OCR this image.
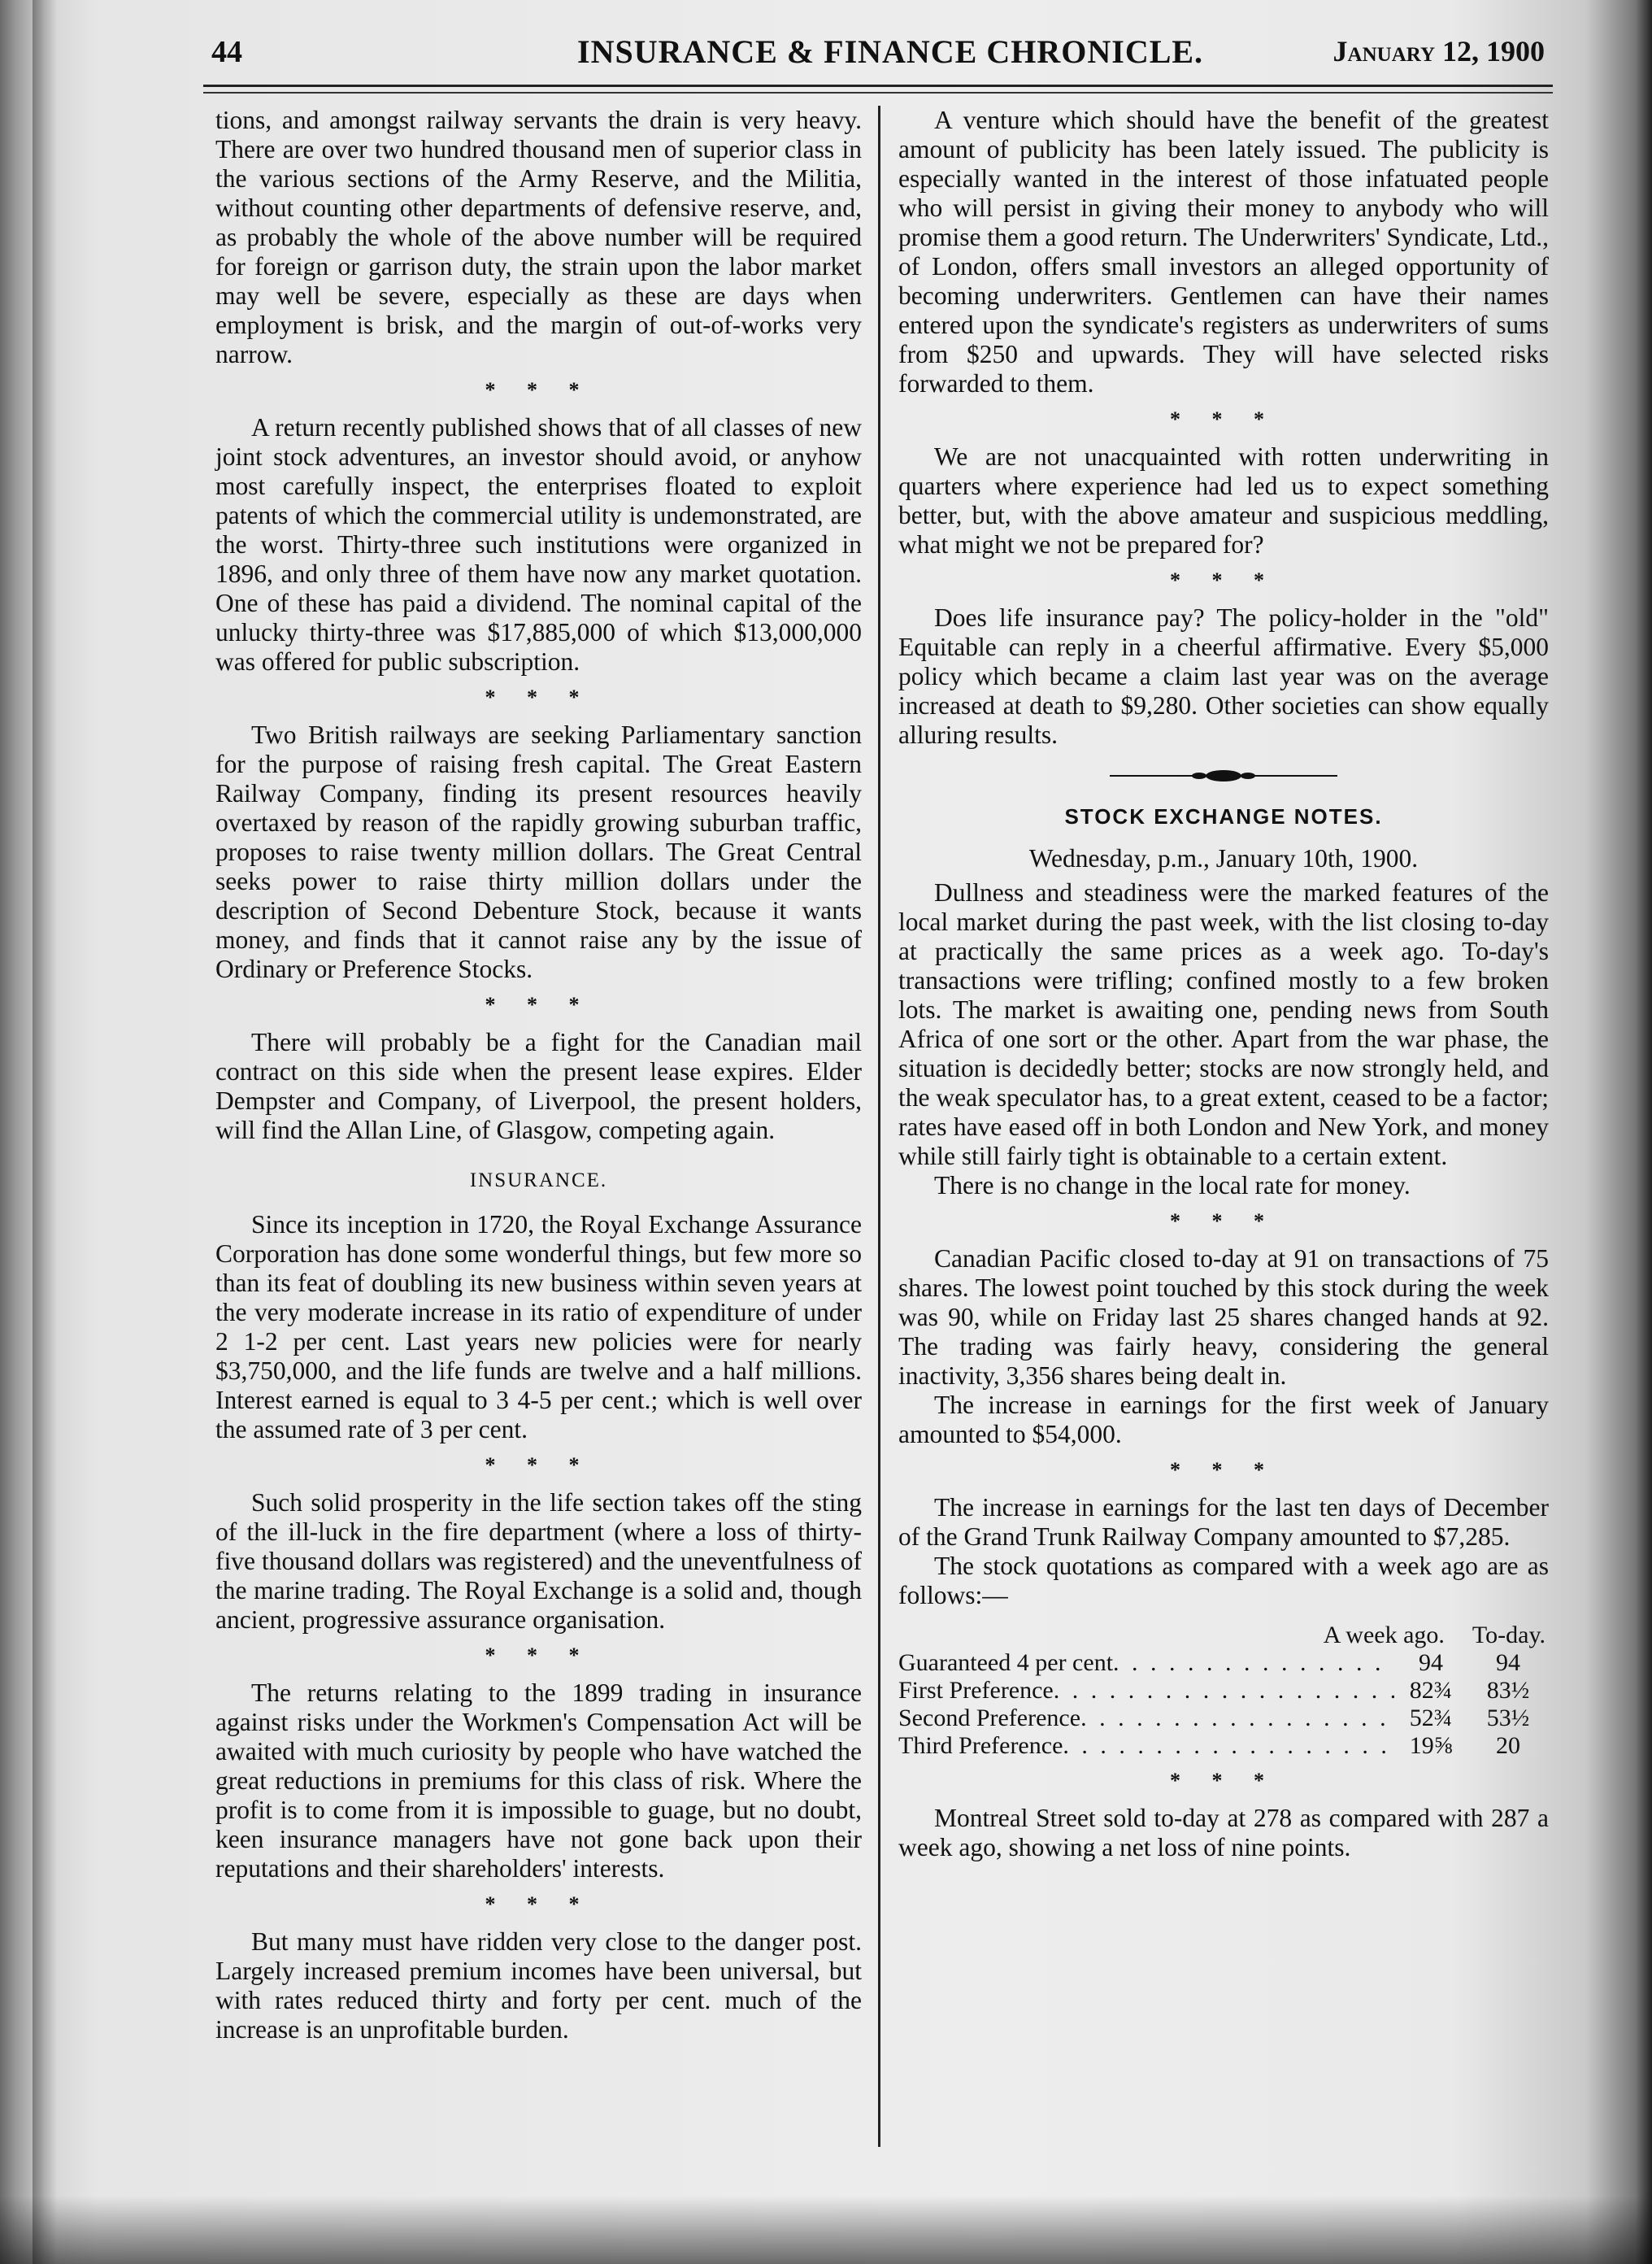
44	INSURANCE & FINANCE CHRONICLE.	January 12, 1900

tions, and amongst railway servants the drain is very heavy. There are over two hundred thousand men of superior class in the various sections of the Army Reserve, and the Militia, without counting other departments of defensive reserve, and, as probably the whole of the above number will be required for foreign or garrison duty, the strain upon the labor market may well be severe, especially as these are days when employment is brisk, and the margin of out-of-works very narrow.

* * *

A return recently published shows that of all classes of new joint stock adventures, an investor should avoid, or anyhow most carefully inspect, the enterprises floated to exploit patents of which the commercial utility is undemonstrated, are the worst. Thirty-three such institutions were organized in 1896, and only three of them have now any market quotation. One of these has paid a dividend. The nominal capital of the unlucky thirty-three was $17,885,000 of which $13,000,000 was offered for public subscription.

* * *

Two British railways are seeking Parliamentary sanction for the purpose of raising fresh capital. The Great Eastern Railway Company, finding its present resources heavily overtaxed by reason of the rapidly growing suburban traffic, proposes to raise twenty million dollars. The Great Central seeks power to raise thirty million dollars under the description of Second Debenture Stock, because it wants money, and finds that it cannot raise any by the issue of Ordinary or Preference Stocks.

* * *

There will probably be a fight for the Canadian mail contract on this side when the present lease expires. Elder Dempster and Company, of Liverpool, the present holders, will find the Allan Line, of Glasgow, competing again.

INSURANCE.

Since its inception in 1720, the Royal Exchange Assurance Corporation has done some wonderful things, but few more so than its feat of doubling its new business within seven years at the very moderate increase in its ratio of expenditure of under 2 1-2 per cent. Last years new policies were for nearly $3,750,000, and the life funds are twelve and a half millions. Interest earned is equal to 3 4-5 per cent.; which is well over the assumed rate of 3 per cent.

* * *

Such solid prosperity in the life section takes off the sting of the ill-luck in the fire department (where a loss of thirty-five thousand dollars was registered) and the uneventfulness of the marine trading. The Royal Exchange is a solid and, though ancient, progressive assurance organisation.

* * *

The returns relating to the 1899 trading in insurance against risks under the Workmen's Compensation Act will be awaited with much curiosity by people who have watched the great reductions in premiums for this class of risk. Where the profit is to come from it is impossible to guage, but no doubt, keen insurance managers have not gone back upon their reputations and their shareholders' interests.

* * *

But many must have ridden very close to the danger post. Largely increased premium incomes have been universal, but with rates reduced thirty and forty per cent. much of the increase is an unprofitable burden.

A venture which should have the benefit of the greatest amount of publicity has been lately issued. The publicity is especially wanted in the interest of those infatuated people who will persist in giving their money to anybody who will promise them a good return. The Underwriters' Syndicate, Ltd., of London, offers small investors an alleged opportunity of becoming underwriters. Gentlemen can have their names entered upon the syndicate's registers as underwriters of sums from $250 and upwards. They will have selected risks forwarded to them.

* * *

We are not unacquainted with rotten underwriting in quarters where experience had led us to expect something better, but, with the above amateur and suspicious meddling, what might we not be prepared for?

* * *

Does life insurance pay? The policy-holder in the "old" Equitable can reply in a cheerful affirmative. Every $5,000 policy which became a claim last year was on the average increased at death to $9,280. Other societies can show equally alluring results.

STOCK EXCHANGE NOTES.
Wednesday, p.m., January 10th, 1900.

Dullness and steadiness were the marked features of the local market during the past week, with the list closing to-day at practically the same prices as a week ago. To-day's transactions were trifling; confined mostly to a few broken lots. The market is awaiting one, pending news from South Africa of one sort or the other. Apart from the war phase, the situation is decidedly better; stocks are now strongly held, and the weak speculator has, to a great extent, ceased to be a factor; rates have eased off in both London and New York, and money while still fairly tight is obtainable to a certain extent.

There is no change in the local rate for money.

* * *

Canadian Pacific closed to-day at 91 on transactions of 75 shares. The lowest point touched by this stock during the week was 90, while on Friday last 25 shares changed hands at 92. The trading was fairly heavy, considering the general inactivity, 3,356 shares being dealt in.

The increase in earnings for the first week of January amounted to $54,000.

* * *

The increase in earnings for the last ten days of December of the Grand Trunk Railway Company amounted to $7,285.

The stock quotations as compared with a week ago are as follows:—

A week ago. To-day.
Guaranteed 4 per cent . . .	94	94
First Preference . . .	82¾	83½
Second Preference . . .	52¾	53½
Third Preference . . .	19⅝	20
* * *

Montreal Street sold to-day at 278 as compared with 287 a week ago, showing a net loss of nine points.
